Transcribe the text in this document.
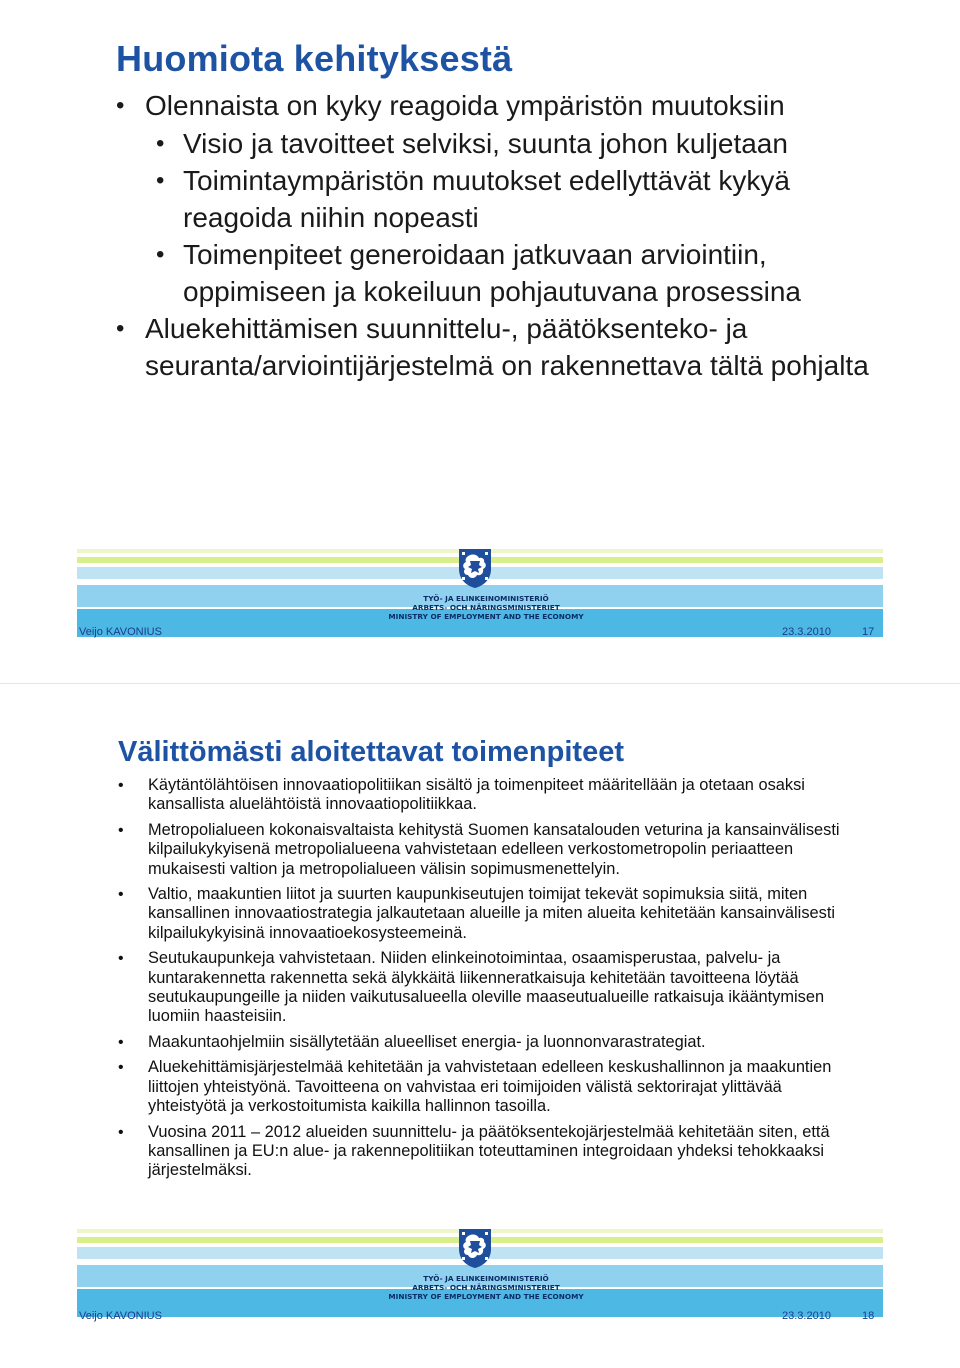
Huomiota kehityksestä
• Olennaista on kyky reagoida ympäristön muutoksiin
• Visio ja tavoitteet selviksi, suunta johon kuljetaan
• Toimintaympäristön muutokset edellyttävät kykyä reagoida niihin nopeasti
• Toimenpiteet generoidaan jatkuvaan arviointiin, oppimiseen ja kokeiluun pohjautuvana prosessina
• Aluekehittämisen suunnittelu-, päätöksenteko- ja seuranta/arviointijärjestelmä on rakennettava tältä pohjalta
TYÖ- JA ELINKEINOMINISTERIÖ
ARBETS- OCH NÄRINGSMINISTERIET
MINISTRY OF EMPLOYMENT AND THE ECONOMY
Veijo KAVONIUS	23.3.2010	17
Välittömästi aloitettavat toimenpiteet
• Käytäntölähtöisen innovaatiopolitiikan sisältö ja toimenpiteet määritellään ja otetaan osaksi kansallista aluelähtöistä innovaatiopolitiikkaa.
• Metropolialueen kokonaisvaltaista kehitystä Suomen kansatalouden veturina ja kansainvälisesti kilpailukykyisenä metropolialueena vahvistetaan edelleen verkostometropolin periaatteen mukaisesti valtion ja metropolialueen välisin sopimusmenettelyin.
• Valtio, maakuntien liitot ja suurten kaupunkiseutujen toimijat tekevät sopimuksia siitä, miten kansallinen innovaatiostrategia jalkautetaan alueille ja miten alueita kehitetään kansainvälisesti kilpailukykyisinä innovaatioekosysteemeinä.
• Seutukaupunkeja vahvistetaan. Niiden elinkeinotoimintaa, osaamisperustaa, palvelu- ja kuntarakennetta rakennetta sekä älykkäitä liikenneratkaisuja kehitetään tavoitteena löytää seutukaupungeille ja niiden vaikutusalueella oleville maaseutualueille ratkaisuja ikääntymisen luomiin haasteisiin.
• Maakuntaohjelmiin sisällytetään alueelliset energia- ja luonnonvarastrategiat.
• Aluekehittämisjärjestelmää kehitetään ja vahvistetaan edelleen keskushallinnon ja maakuntien liittojen yhteistyönä. Tavoitteena on vahvistaa eri toimijoiden välistä sektorirajat ylittävää yhteistyötä ja verkostoitumista kaikilla hallinnon tasoilla.
• Vuosina 2011 – 2012 alueiden suunnittelu- ja päätöksentekojärjestelmää kehitetään siten, että kansallinen ja EU:n alue- ja rakennepolitiikan toteuttaminen integroidaan yhdeksi tehokkaaksi järjestelmäksi.
TYÖ- JA ELINKEINOMINISTERIÖ
ARBETS- OCH NÄRINGSMINISTERIET
MINISTRY OF EMPLOYMENT AND THE ECONOMY
Veijo KAVONIUS	23.3.2010	18
